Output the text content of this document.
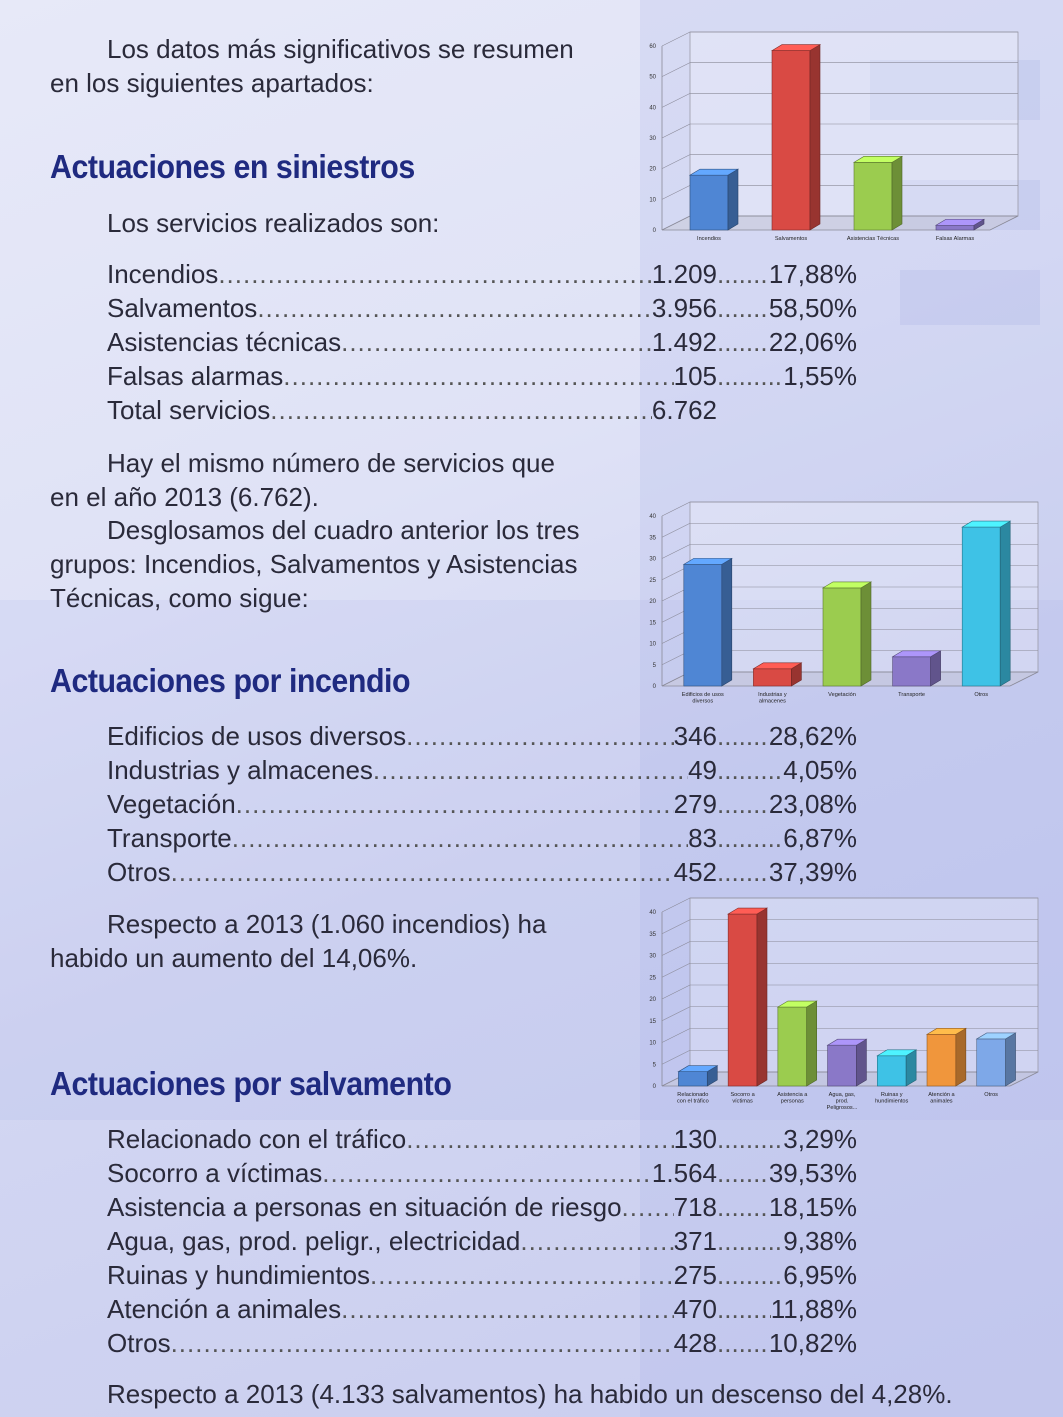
Los datos más significativos se resumen en los siguientes apartados:

Actuaciones en siniestros

Los servicios realizados son:

Incendios .....	1.209 ..... 17,88%
Salvamentos .....	3.956 ..... 58,50%
Asistencias técnicas .....	1.492 ..... 22,06%
Falsas alarmas .....	105 .....	1,55%
Total servicios .....	6.762

Hay el mismo número de servicios que en el año 2013 (6.762).

Desglosamos del cuadro anterior los tres grupos: Incendios, Salvamentos y Asistencias Técnicas, como sigue:

Actuaciones por incendio
Edificios de usos diversos .....	346 ..... 28,62%
Industrias y almacenes .....	49 .....	4,05%
Vegetación .....	279 ..... 23,08%
Transporte .....	83 .....	6,87%
Otros .....	452 ..... 37,39%

Respecto a 2013 (1.060 incendios) ha habido un aumento del 14,06%.

Actuaciones por salvamento
Relacionado con el tráfico .....	130 .....	3,29%
Socorro a víctimas .....	1.564 ..... 39,53%
Asistencia a personas en situación de riesgo ..... 718 ..... 18,15%
Agua, gas, prod. peligr., electricidad .....	371 .....	9,38%
Ruinas y hundimientos .....	275 .....	6,95%
Atención a animales .....	470 ..... 11,88%
Otros .....	428 ..... 10,82%

Respecto a 2013 (4.133 salvamentos) ha habido un descenso del 4,28%.

0
10
20
30
40
50
60
Incendios	Salvamentos	Asistencias Técnicas	Falsas Alarmas
0
5
10
15
20
25
30
35
40
Edificios de usos
diversos
Industrias y
almacenes
Vegetación	Transporte	Otros
0
5
10
15
20
25
30
35
40
Relacionado
con el tráfico
Socorro a
víctimas
Asistencia a
personas
Agua, gas,
prod.
Peligrosos...
Ruinas y
hundimientos
Atención a
animales
Otros
